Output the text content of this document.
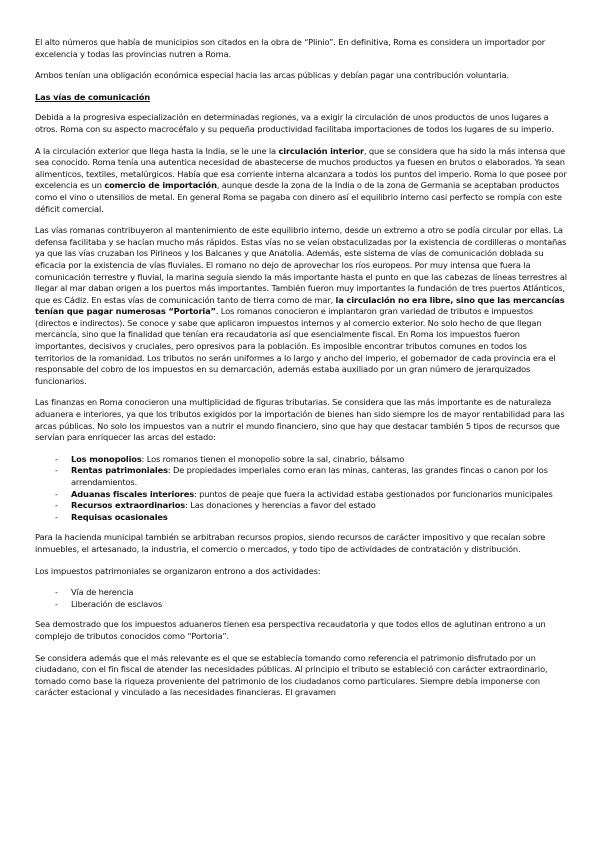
El alto números que había de municipios son citados en la obra de “Plinio”. En definitiva, Roma es considera un importador por excelencia y todas las provincias nutren a Roma.

Ambos tenían una obligación económica especial hacia las arcas públicas y debían pagar una contribución voluntaria.

Las vías de comunicación

Debida a la progresiva especialización en determinadas regiones, va a exigir la circulación de unos productos de unos lugares a otros. Roma con su aspecto macrocéfalo y su pequeña productividad facilitaba importaciones de todos los lugares de su imperio.

A la circulación exterior que llega hasta la India, se le une la circulación interior, que se considera que ha sido la más intensa que sea conocido. Roma tenía una autentica necesidad de abastecerse de muchos productos ya fuesen en brutos o elaborados. Ya sean alimenticos, textiles, metalúrgicos. Había que esa corriente interna alcanzara a todos los puntos del imperio. Roma lo que posee por excelencia es un comercio de importación, aunque desde la zona de la India o de la zona de Germania se aceptaban productos como el vino o utensilios de metal. En general Roma se pagaba con dinero así el equilibrio interno casi perfecto se rompía con este déficit comercial.

Las vías romanas contribuyeron al mantenimiento de este equilibrio interno, desde un extremo a otro se podía circular por ellas. La defensa facilitaba y se hacían mucho más rápidos. Estas vías no se veían obstaculizadas por la existencia de cordilleras o montañas ya que las vías cruzaban los Pirineos y los Balcanes y que Anatolia. Además, este sistema de vías de comunicación doblada su eficacia por la existencia de vías fluviales. El romano no dejo de aprovechar los ríos europeos. Por muy intensa que fuera la comunicación terrestre y fluvial, la marina seguía siendo la más importante hasta el punto en que las cabezas de líneas terrestres al llegar al mar daban origen a los puertos más importantes. También fueron muy importantes la fundación de tres puertos Atlánticos, que es Cádiz. En estas vías de comunicación tanto de tierra como de mar, la circulación no era libre, sino que las mercancías tenían que pagar numerosas “Portoria”. Los romanos conocieron e implantaron gran variedad de tributos e impuestos (directos e indirectos). Se conoce y sabe que aplicaron impuestos internos y al comercio exterior. No solo hecho de que llegan mercancía, sino que la finalidad que tenían era recaudatoria así que esencialmente fiscal. En Roma los impuestos fueron importantes, decisivos y cruciales, pero opresivos para la población. Es imposible encontrar tributos comunes en todos los territorios de la romanidad. Los tributos no serán uniformes a lo largo y ancho del imperio, el gobernador de cada provincia era el responsable del cobro de los impuestos en su demarcación, además estaba auxiliado por un gran número de jerarquizados funcionarios.

Las finanzas en Roma conocieron una multiplicidad de figuras tributarias. Se considera que las más importante es de naturaleza aduanera e interiores, ya que los tributos exigidos por la importación de bienes han sido siempre los de mayor rentabilidad para las arcas públicas. No solo los impuestos van a nutrir el mundo financiero, sino que hay que destacar también 5 tipos de recursos que servían para enriquecer las arcas del estado:

- Los monopolios: Los romanos tienen el monopolio sobre la sal, cinabrio, bálsamo
- Rentas patrimoniales: De propiedades imperiales como eran las minas, canteras, las grandes fincas o canon por los arrendamientos.
- Aduanas fiscales interiores: puntos de peaje que fuera la actividad estaba gestionados por funcionarios municipales
- Recursos extraordinarios: Las donaciones y herencias a favor del estado
- Requisas ocasionales

Para la hacienda municipal también se arbitraban recursos propios, siendo recursos de carácter impositivo y que recaían sobre inmuebles, el artesanado, la industria, el comercio o mercados, y todo tipo de actividades de contratación y distribución.

Los impuestos patrimoniales se organizaron entrono a dos actividades:

- Vía de herencia
- Liberación de esclavos

Sea demostrado que los impuestos aduaneros tienen esa perspectiva recaudatoria y que todos ellos de aglutinan entrono a un complejo de tributos conocidos como “Portoria”.

Se considera además que el más relevante es el que se establecía tomando como referencia el patrimonio disfrutado por un ciudadano, con el fin fiscal de atender las necesidades públicas. Al principio el tributo se estableció con carácter extraordinario, tomado como base la riqueza proveniente del patrimonio de los ciudadanos como particulares. Siempre debía imponerse con carácter estacional y vinculado a las necesidades financieras. El gravamen
